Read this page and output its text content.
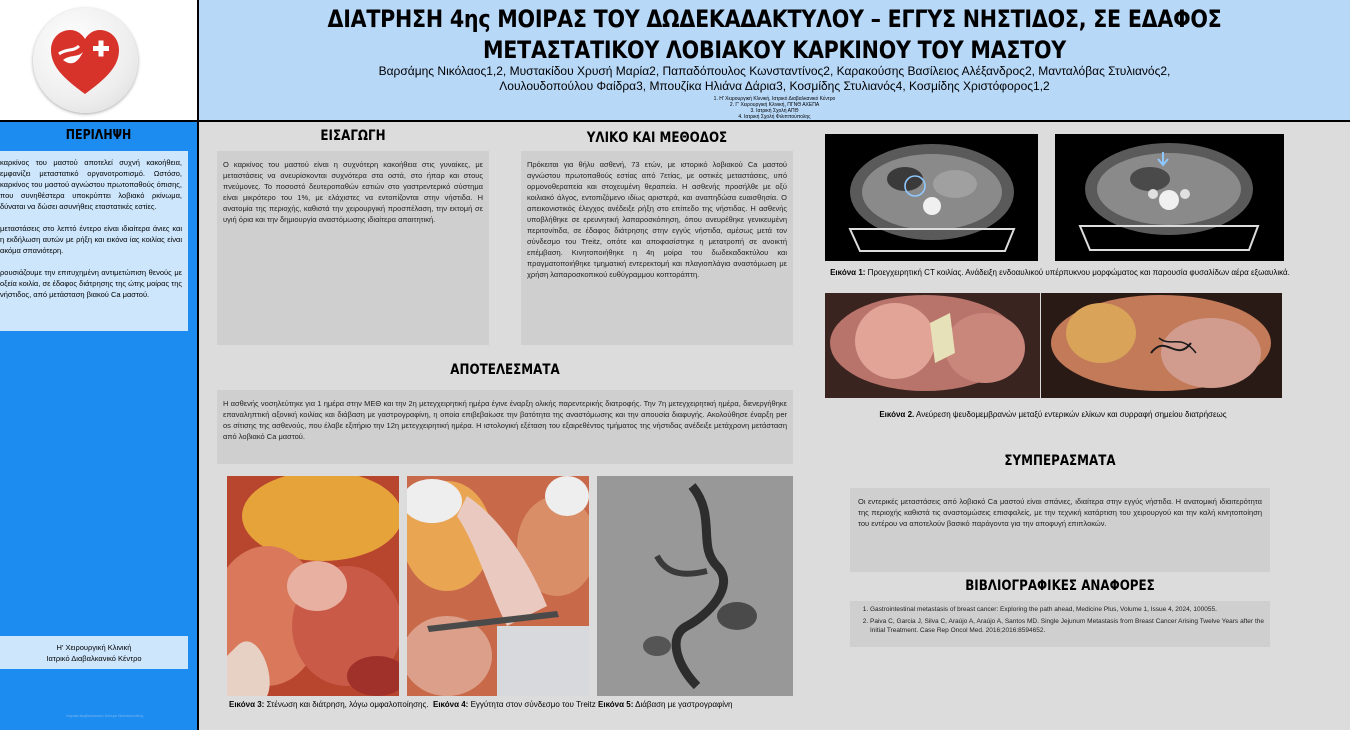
ΔΙΑΤΡΗΣΗ 4ης ΜΟΙΡΑΣ ΤΟΥ ΔΩΔΕΚΑΔΑΚΤΥΛΟΥ – ΕΓΓΥΣ ΝΗΣΤΙΔΟΣ, ΣΕ ΕΔΑΦΟΣ ΜΕΤΑΣΤΑΤΙΚΟΥ ΛΟΒΙΑΚΟΥ ΚΑΡΚΙΝΟΥ ΤΟΥ ΜΑΣΤΟΥ
Βαρσάμης Νικόλαος1,2, Μυστακίδου Χρυσή Μαρία2, Παπαδόπουλος Κωνσταντίνος2, Καρακούσης Βασίλειος Αλέξανδρος2, Μανταλόβας Στυλιανός2,
Λουλουδοπούλου Φαίδρα3, Μπουζίκα Ηλιάνα Δάρια3, Κοσμίδης Στυλιανός4, Κοσμίδης Χριστόφορος1,2
1. Η' Χειρουργική Κλινική, Ιατρικό Διαβαλκανικό Κέντρο
2. Γ' Χειρουργική Κλινική, ΠΓΝΘ ΑΧΕΠΑ
3. Ιατρική Σχολή ΑΠΘ
4. Ιατρική Σχολή Φιλιππούπολης
ΠΕΡΙΛΗΨΗ

καρκίνος του μαστού αποτελεί συχνή κακοήθεια, εμφανίζει μεταστατικό οργανοτροπισμό. Ωστόσο, καρκίνος του μαστού αγνώστου πρωτοπαθούς όπισης, που συνηθέστερα υποκρύπτει λοβιακό ρκίνωμα, δύναται να δώσει ασυνήθεις εταστατικές εστίες.

μεταστάσεις στο λεπτό έντερο είναι ιδιαίτερα άνιες και η εκδήλωση αυτών με ρήξη και εικόνα ίας κοιλίας είναι ακόμα σπανιότερη.

ρουσιάζουμε την επιτυχημένη αντιμετώπιση θενούς με οξεία κοιλία, σε έδαφος διάτρησης της ώτης μοίρας της νήστιδος, από μετάσταση βιακού Ca μαστού.

Η' Χειρουργική Κλινική
Ιατρικό Διαβαλκανικό Κέντρο
Ιατρικό Διαβαλκανικό Κέντρο Θεσσαλονίκης
ΕΙΣΑΓΩΓΗ
Ο καρκίνος του μαστού είναι η συχνότερη κακοήθεια στις γυναίκες, με μεταστάσεις να ανευρίσκονται συχνότερα στα οστά, στο ήπαρ και στους πνεύμονες. Το ποσοστό δευτεροπαθών εστιών στο γαστρεντερικό σύστημα είναι μικρότερο του 1%, με ελάχιστες να εντοπίζονται στην νήστιδα. Η ανατομία της περιοχής, καθιστά την χειρουργική προσπέλαση, την εκτομή σε υγιή όρια και την δημιουργία αναστόμωσης ιδιαίτερα απαιτητική.
ΥΛΙΚΟ ΚΑΙ ΜΕΘΟΔΟΣ
Πρόκειται για θήλυ ασθενή, 73 ετών, με ιστορικό λοβιακού Ca μαστού αγνώστου πρωτοπαθούς εστίας από 7ετίας, με οστικές μεταστάσεις, υπό ορμονοθεραπεία και στοχευμένη θεραπεία. Η ασθενής προσήλθε με οξύ κοιλιακό άλγος, εντοπιζόμενο ιδίως αριστερά, και αναπηδώσα ευαισθησία. Ο απεικονιστικός έλεγχος ανέδειξε ρήξη στο επίπεδο της νήστιδας. Η ασθενής υποβλήθηκε σε ερευνητική λαπαροσκόπηση, όπου ανευρέθηκε γενικευμένη περιτονίτιδα, σε έδαφος διάτρησης στην εγγύς νήστιδα, αμέσως μετά τον σύνδεσμο του Treitz, οπότε και αποφασίστηκε η μετατροπή σε ανοικτή επέμβαση. Κινητοποιήθηκε η 4η μοίρα του δωδεκαδακτύλου και πραγματοποιήθηκε τμηματική εντερεκτομή και πλαγιοπλάγια αναστόμωση με χρήση λαπαροσκοπικού ευθύγραμμου κοπτοράπτη.
ΑΠΟΤΕΛΕΣΜΑΤΑ
Η ασθενής νοσηλεύτηκε για 1 ημέρα στην ΜΕΘ και την 2η μετεγχειρητική ημέρα έγινε έναρξη ολικής παρεντερικής διατροφής. Την 7η μετεγχειρητική ημέρα, διενεργήθηκε επαναληπτική αξονική κοιλίας και διάβαση με γαστρογραφίνη, η οποία επιβεβαίωσε την βατότητα της αναστόμωσης και την απουσία διαφυγής. Ακολούθησε έναρξη per os σίτισης της ασθενούς, που έλαβε εξιτήριο την 12η μετεγχειρητική ημέρα. Η ιστολογική εξέταση του εξαιρεθέντος τμήματος της νήστιδας ανέδειξε μετάχρονη μετάσταση από λοβιακό Ca μαστού.
Εικόνα 3: Στένωση και διάτρηση, λόγω ομφαλοποίησης. Εικόνα 4: Εγγύτητα στον σύνδεσμο του Treitz Εικόνα 5: Διάβαση με γαστρογραφίνη
Εικόνα 1: Προεγχειρητική CT κοιλίας. Ανάδειξη ενδοαυλικού υπέρπυκνου μορφώματος και παρουσία φυσαλίδων αέρα εξωαυλικά.
Εικόνα 2. Ανεύρεση ψευδομεμβρανών μεταξύ εντερικών ελίκων και συρραφή σημείου διατρήσεως
ΣΥΜΠΕΡΑΣΜΑΤΑ
Οι εντερικές μεταστάσεις από λοβιακό Ca μαστού είναι σπάνιες, ιδιαίτερα στην εγγύς νήστιδα. Η ανατομική ιδιαιτερότητα της περιοχής καθιστά τις αναστομώσεις επισφαλείς, με την τεχνική κατάρτιση του χειρουργού και την καλή κινητοποίηση του εντέρου να αποτελούν βασικό παράγοντα για την αποφυγή επιπλοκών.
ΒΙΒΛΙΟΓΡΑΦΙΚΕΣ ΑΝΑΦΟΡΕΣ
1. Gastrointestinal metastasis of breast cancer: Exploring the path ahead, Medicine Plus, Volume 1, Issue 4, 2024, 100055.
2. Paiva C, Garcia J, Silva C, Araújo A, Araújo A, Santos MD. Single Jejunum Metastasis from Breast Cancer Arising Twelve Years after the Initial Treatment. Case Rep Oncol Med. 2016;2016:8594652.
